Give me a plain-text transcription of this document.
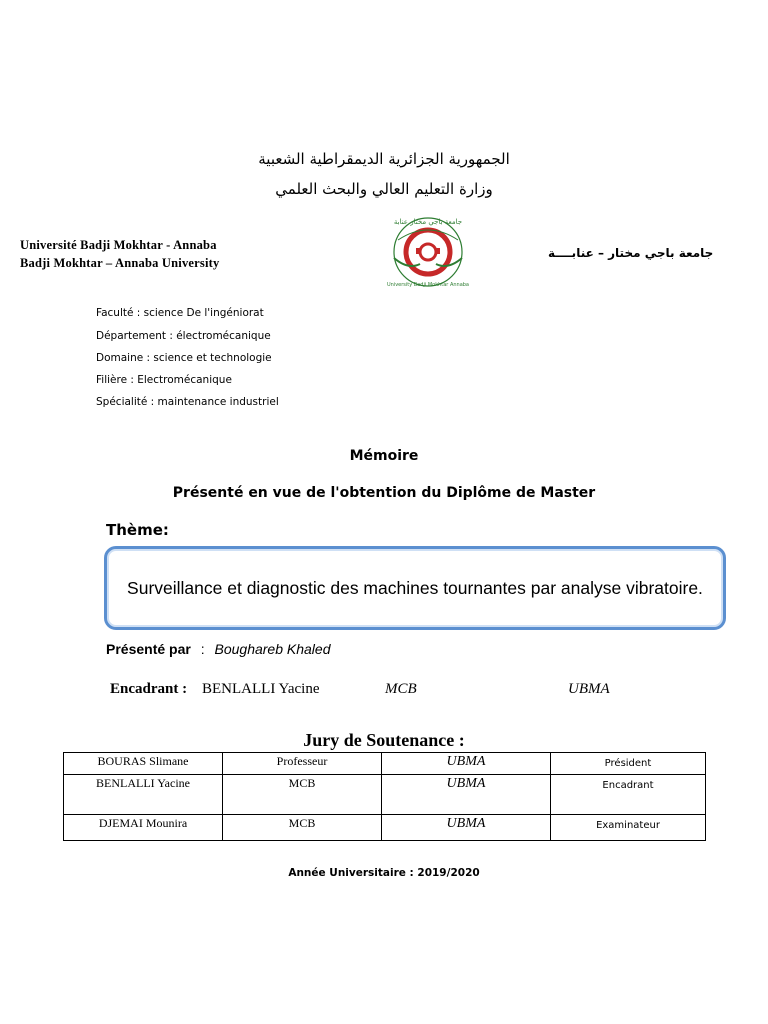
الجمهورية الجزائرية الديمقراطية الشعبية
وزارة التعليم العالي والبحث العلمي
Université Badji Mokhtar - Annaba
Badji Mokhtar – Annaba University
جامعة باجي مختار – عنابــــة
جامعة باجي مختار عنابة
University Badji Mokhtar Annaba
Faculté : science De l'ingéniorat
Département : électromécanique
Domaine : science et technologie
Filière : Electromécanique
Spécialité : maintenance industriel
Mémoire
Présenté en vue de l'obtention du Diplôme de Master
Thème:
Surveillance et diagnostic des machines tournantes par analyse vibratoire.
Présenté par : Boughareb Khaled
Encadrant : BENLALLI Yacine	MCB	UBMA
Jury de Soutenance :
BOURAS Slimane	Professeur	UBMA	Président
BENLALLI Yacine	MCB	UBMA	Encadrant
DJEMAI Mounira	MCB	UBMA	Examinateur
Année Universitaire : 2019/2020
